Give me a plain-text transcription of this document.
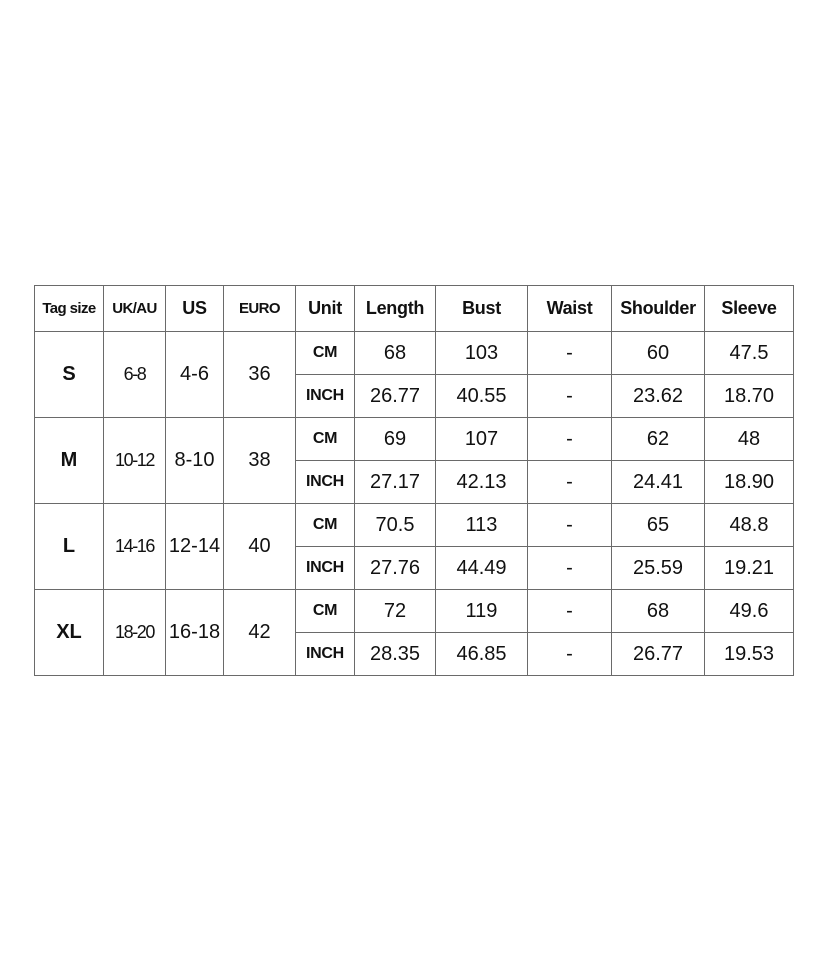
Tag size	UK/AU	US	EURO	Unit	Length	Bust	Waist	Shoulder	Sleeve
S	6-8	4-6	36	CM	68	103	-	60	47.5
				INCH	26.77	40.55	-	23.62	18.70
M	10-12	8-10	38	CM	69	107	-	62	48
				INCH	27.17	42.13	-	24.41	18.90
L	14-16	12-14	40	CM	70.5	113	-	65	48.8
				INCH	27.76	44.49	-	25.59	19.21
XL	18-20	16-18	42	CM	72	119	-	68	49.6
				INCH	28.35	46.85	-	26.77	19.53
